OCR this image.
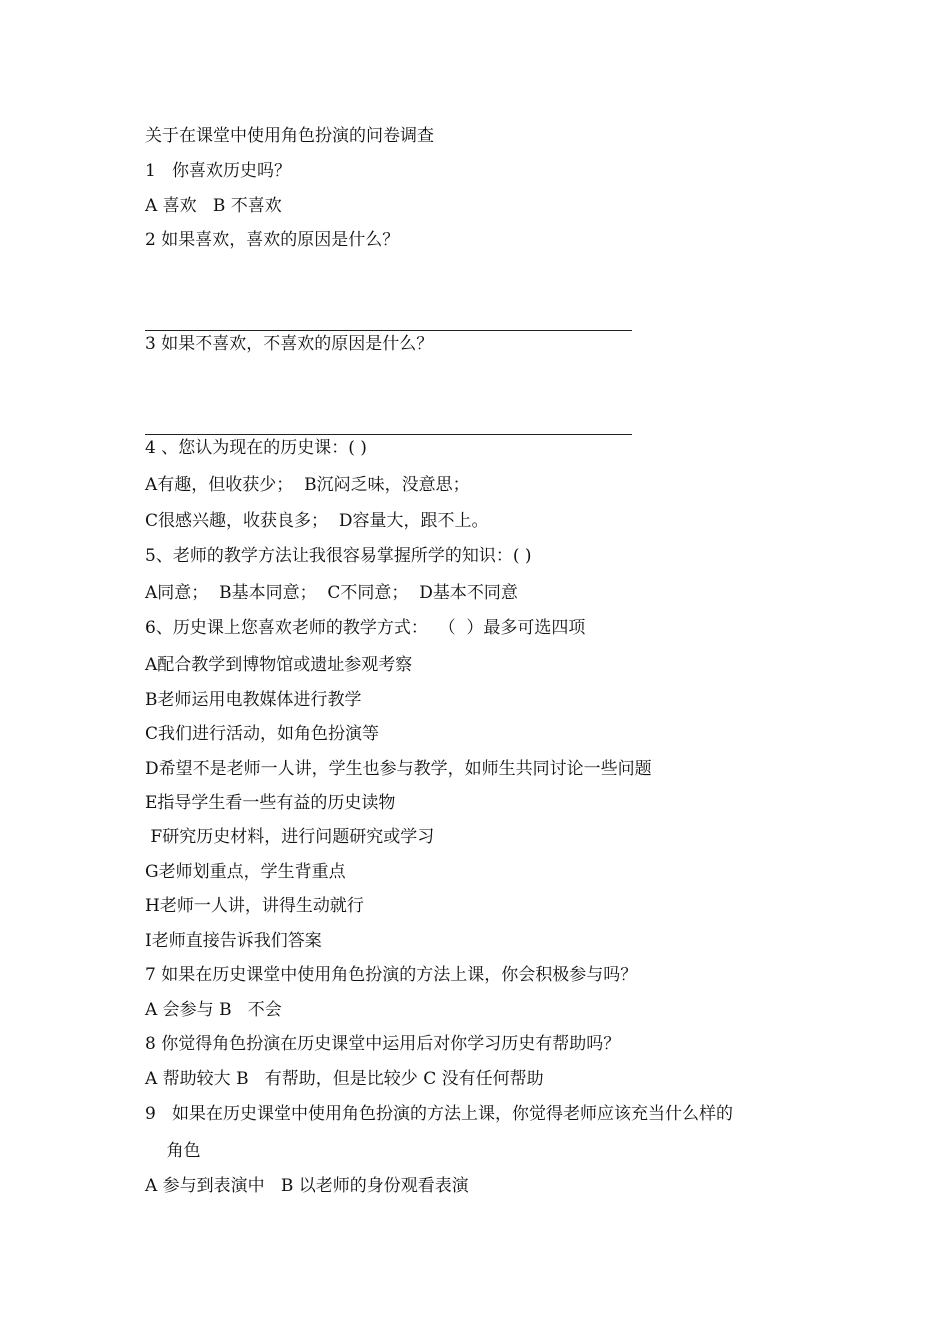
关于在课堂中使用角色扮演的问卷调查
1   你喜欢历史吗？
A 喜欢   B 不喜欢
2 如果喜欢，喜欢的原因是什么？
3 如果不喜欢，不喜欢的原因是什么？
4 、您认为现在的历史课：( )
A有趣，但收获少；  B沉闷乏味，没意思；
C很感兴趣，收获良多；  D容量大，跟不上。
5、老师的教学方法让我很容易掌握所学的知识：( )
A同意；  B基本同意；  C不同意；  D基本不同意
6、历史课上您喜欢老师的教学方式：  （  ）最多可选四项
A配合教学到博物馆或遗址参观考察
B老师运用电教媒体进行教学
C我们进行活动，如角色扮演等
D希望不是老师一人讲，学生也参与教学，如师生共同讨论一些问题
E指导学生看一些有益的历史读物
F研究历史材料，进行问题研究或学习
G老师划重点，学生背重点
H老师一人讲，讲得生动就行
I老师直接告诉我们答案
7 如果在历史课堂中使用角色扮演的方法上课，你会积极参与吗？
A 会参与 B   不会
8 你觉得角色扮演在历史课堂中运用后对你学习历史有帮助吗？
A 帮助较大 B   有帮助，但是比较少 C 没有任何帮助
9   如果在历史课堂中使用角色扮演的方法上课，你觉得老师应该充当什么样的
角色
A 参与到表演中   B 以老师的身份观看表演
